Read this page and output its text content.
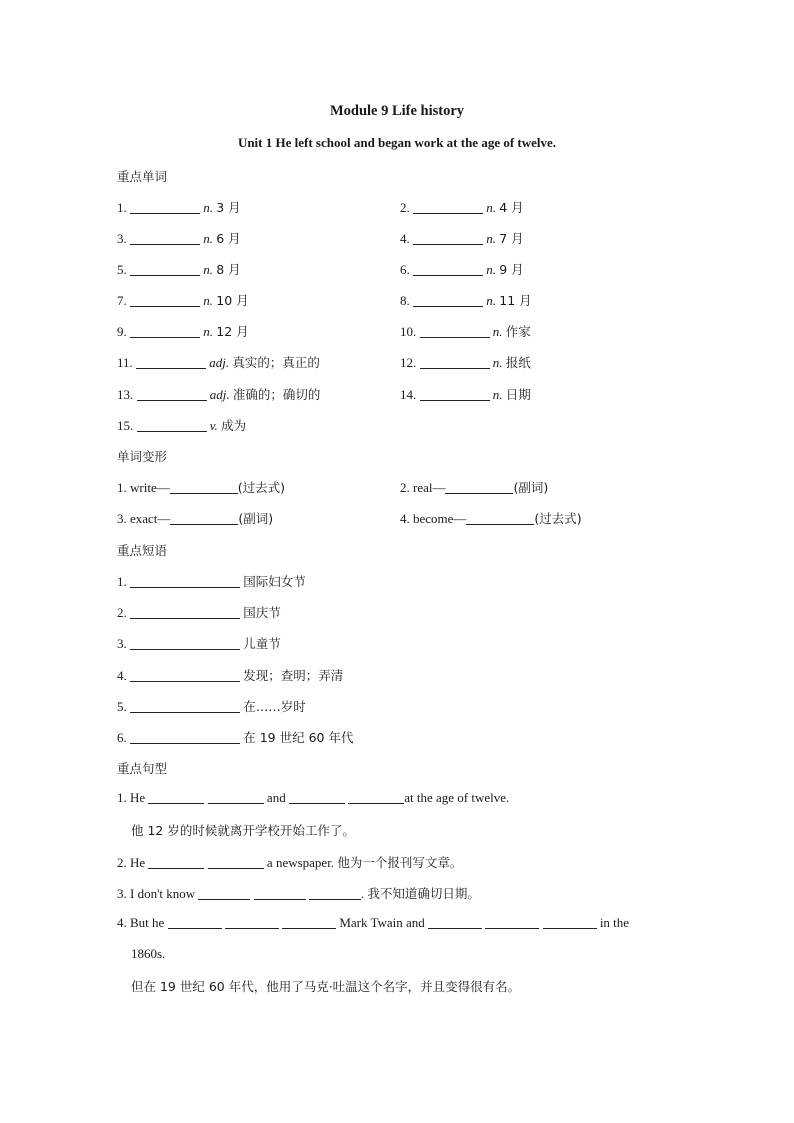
Module 9 Life history
Unit 1 He left school and began work at the age of twelve.
重点单词
1.	n. 3 月	2.	n. 4 月
3.	n. 6 月	4.	n. 7 月
5.	n. 8 月	6.	n. 9 月
7.	n. 10 月	8.	n. 11 月
9.	n. 12 月	10.	n. 作家
11.	adj. 真实的；真正的	12.	n. 报纸
13.	adj. 准确的；确切的	14.	n. 日期
15.	v. 成为
单词变形
1. write—	(过去式)	2. real—	(副词)
3. exact—	(副词)	4. become—	(过去式)
重点短语
1.	国际妇女节
2.	国庆节
3.	儿童节
4.	发现；查明；弄清
5.	在……岁时
6.	在 19 世纪 60 年代
重点句型
1. He	and	at the age of twelve.
他 12 岁的时候就离开学校开始工作了。
2. He	a newspaper. 他为一个报刊写文章。
3. I don't know	. 我不知道确切日期。
4. But he	Mark Twain and	in the
1860s.
但在 19 世纪 60 年代，他用了马克·吐温这个名字，并且变得很有名。
